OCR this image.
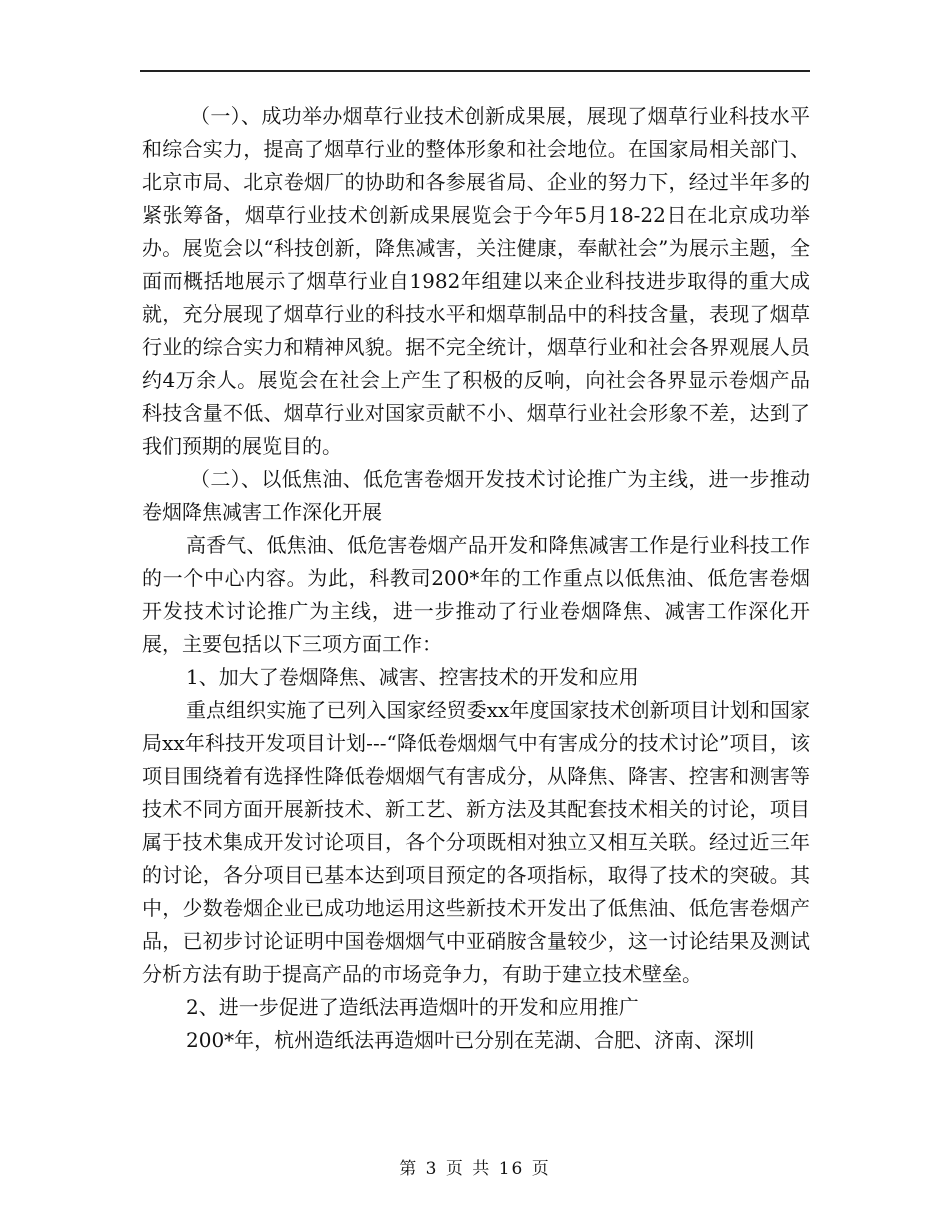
（一）、成功举办烟草行业技术创新成果展，展现了烟草行业科技水平和综合实力，提高了烟草行业的整体形象和社会地位。在国家局相关部门、北京市局、北京卷烟厂的协助和各参展省局、企业的努力下，经过半年多的紧张筹备，烟草行业技术创新成果展览会于今年5月18-22日在北京成功举办。展览会以“科技创新，降焦减害，关注健康，奉献社会”为展示主题，全面而概括地展示了烟草行业自1982年组建以来企业科技进步取得的重大成就，充分展现了烟草行业的科技水平和烟草制品中的科技含量，表现了烟草行业的综合实力和精神风貌。据不完全统计，烟草行业和社会各界观展人员约4万余人。展览会在社会上产生了积极的反响，向社会各界显示卷烟产品科技含量不低、烟草行业对国家贡献不小、烟草行业社会形象不差，达到了我们预期的展览目的。

（二）、以低焦油、低危害卷烟开发技术讨论推广为主线，进一步推动卷烟降焦减害工作深化开展

高香气、低焦油、低危害卷烟产品开发和降焦减害工作是行业科技工作的一个中心内容。为此，科教司200*年的工作重点以低焦油、低危害卷烟开发技术讨论推广为主线，进一步推动了行业卷烟降焦、减害工作深化开展，主要包括以下三项方面工作：

1、加大了卷烟降焦、减害、控害技术的开发和应用

重点组织实施了已列入国家经贸委xx年度国家技术创新项目计划和国家局xx年科技开发项目计划---“降低卷烟烟气中有害成分的技术讨论”项目，该项目围绕着有选择性降低卷烟烟气有害成分，从降焦、降害、控害和测害等技术不同方面开展新技术、新工艺、新方法及其配套技术相关的讨论，项目属于技术集成开发讨论项目，各个分项既相对独立又相互关联。经过近三年的讨论，各分项目已基本达到项目预定的各项指标，取得了技术的突破。其中，少数卷烟企业已成功地运用这些新技术开发出了低焦油、低危害卷烟产品，已初步讨论证明中国卷烟烟气中亚硝胺含量较少，这一讨论结果及测试分析方法有助于提高产品的市场竞争力，有助于建立技术壁垒。

2、进一步促进了造纸法再造烟叶的开发和应用推广

200*年，杭州造纸法再造烟叶已分别在芜湖、合肥、济南、深圳

第 3 页 共 16 页
